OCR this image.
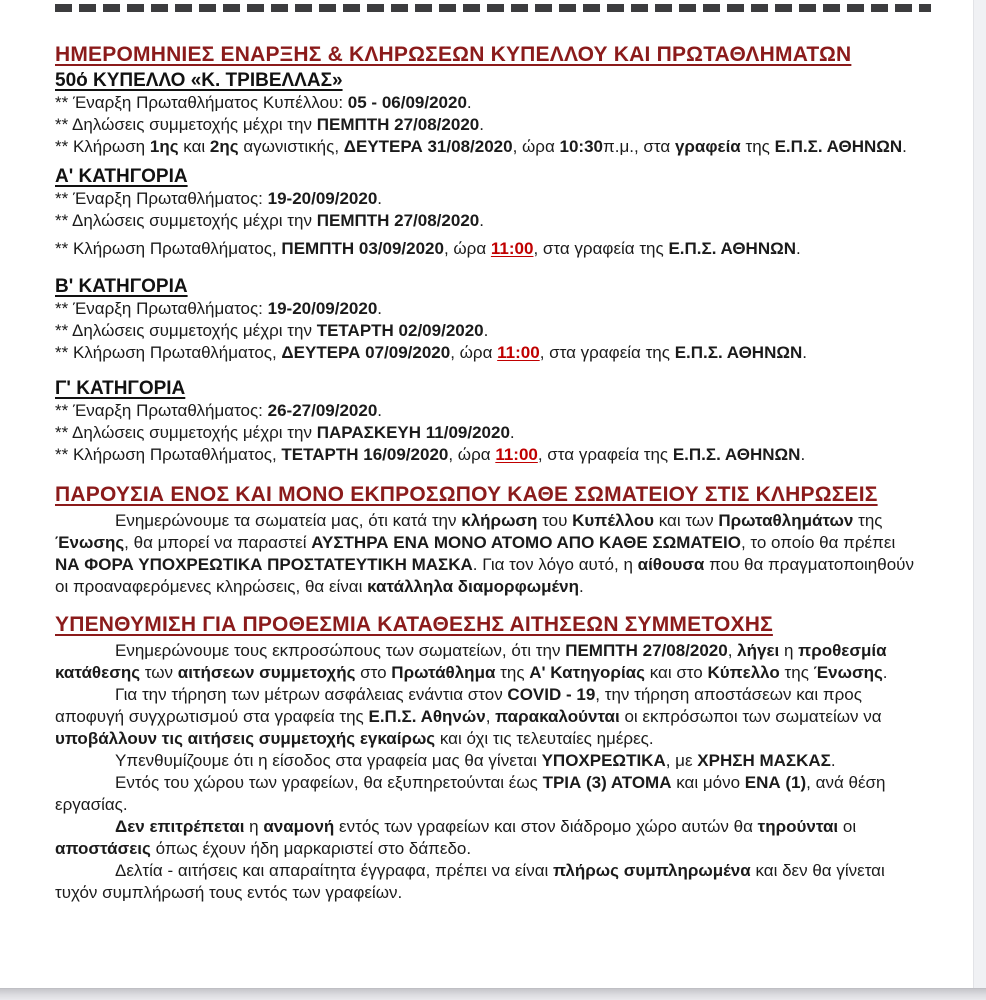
ΗΜΕΡΟΜΗΝΙΕΣ ΕΝΑΡΞΗΣ & ΚΛΗΡΩΣΕΩΝ ΚΥΠΕΛΛΟΥ ΚΑΙ ΠΡΩΤΑΘΛΗΜΑΤΩΝ
50ό ΚΥΠΕΛΛΟ «Κ. ΤΡΙΒΕΛΛΑΣ»
** Έναρξη Πρωταθλήματος Κυπέλλου: 05 - 06/09/2020.
** Δηλώσεις συμμετοχής μέχρι την ΠΕΜΠΤΗ 27/08/2020.
** Κλήρωση 1ης και 2ης αγωνιστικής, ΔΕΥΤΕΡΑ 31/08/2020, ώρα 10:30π.μ., στα γραφεία της Ε.Π.Σ. ΑΘΗΝΩΝ.
Α' ΚΑΤΗΓΟΡΙΑ
** Έναρξη Πρωταθλήματος: 19-20/09/2020.
** Δηλώσεις συμμετοχής μέχρι την ΠΕΜΠΤΗ 27/08/2020.
** Κλήρωση Πρωταθλήματος, ΠΕΜΠΤΗ 03/09/2020, ώρα 11:00, στα γραφεία της Ε.Π.Σ. ΑΘΗΝΩΝ.
Β' ΚΑΤΗΓΟΡΙΑ
** Έναρξη Πρωταθλήματος: 19-20/09/2020.
** Δηλώσεις συμμετοχής μέχρι την ΤΕΤΑΡΤΗ 02/09/2020.
** Κλήρωση Πρωταθλήματος, ΔΕΥΤΕΡΑ 07/09/2020, ώρα 11:00, στα γραφεία της Ε.Π.Σ. ΑΘΗΝΩΝ.
Γ' ΚΑΤΗΓΟΡΙΑ
** Έναρξη Πρωταθλήματος: 26-27/09/2020.
** Δηλώσεις συμμετοχής μέχρι την ΠΑΡΑΣΚΕΥΗ 11/09/2020.
** Κλήρωση Πρωταθλήματος, ΤΕΤΑΡΤΗ 16/09/2020, ώρα 11:00, στα γραφεία της Ε.Π.Σ. ΑΘΗΝΩΝ.
ΠΑΡΟΥΣΙΑ ΕΝΟΣ ΚΑΙ ΜΟΝΟ ΕΚΠΡΟΣΩΠΟΥ ΚΑΘΕ ΣΩΜΑΤΕΙΟΥ ΣΤΙΣ ΚΛΗΡΩΣΕΙΣ

Ενημερώνουμε τα σωματεία μας, ότι κατά την κλήρωση του Κυπέλλου και των Πρωταθλημάτων της Ένωσης, θα μπορεί να παραστεί ΑΥΣΤΗΡΑ ΕΝΑ ΜΟΝΟ ΑΤΟΜΟ ΑΠΟ ΚΑΘΕ ΣΩΜΑΤΕΙΟ, το οποίο θα πρέπει ΝΑ ΦΟΡΑ ΥΠΟΧΡΕΩΤΙΚΑ ΠΡΟΣΤΑΤΕΥΤΙΚΗ ΜΑΣΚΑ. Για τον λόγο αυτό, η αίθουσα που θα πραγματοποιηθούν οι προαναφερόμενες κληρώσεις, θα είναι κατάλληλα διαμορφωμένη.

ΥΠΕΝΘΥΜΙΣΗ ΓΙΑ ΠΡΟΘΕΣΜΙΑ ΚΑΤΑΘΕΣΗΣ ΑΙΤΗΣΕΩΝ ΣΥΜΜΕΤΟΧΗΣ

Ενημερώνουμε τους εκπροσώπους των σωματείων, ότι την ΠΕΜΠΤΗ 27/08/2020, λήγει η προθεσμία κατάθεσης των αιτήσεων συμμετοχής στο Πρωτάθλημα της Α' Κατηγορίας και στο Κύπελλο της Ένωσης.

Για την τήρηση των μέτρων ασφάλειας ενάντια στον COVID - 19, την τήρηση αποστάσεων και προς αποφυγή συγχρωτισμού στα γραφεία της Ε.Π.Σ. Αθηνών, παρακαλούνται οι εκπρόσωποι των σωματείων να υποβάλλουν τις αιτήσεις συμμετοχής εγκαίρως και όχι τις τελευταίες ημέρες.

Υπενθυμίζουμε ότι η είσοδος στα γραφεία μας θα γίνεται ΥΠΟΧΡΕΩΤΙΚΑ, με ΧΡΗΣΗ ΜΑΣΚΑΣ.

Εντός του χώρου των γραφείων, θα εξυπηρετούνται έως ΤΡΙΑ (3) ΑΤΟΜΑ και μόνο ΕΝΑ (1), ανά θέση εργασίας.

Δεν επιτρέπεται η αναμονή εντός των γραφείων και στον διάδρομο χώρο αυτών θα τηρούνται οι αποστάσεις όπως έχουν ήδη μαρκαριστεί στο δάπεδο.

Δελτία - αιτήσεις και απαραίτητα έγγραφα, πρέπει να είναι πλήρως συμπληρωμένα και δεν θα γίνεται τυχόν συμπλήρωσή τους εντός των γραφείων.
